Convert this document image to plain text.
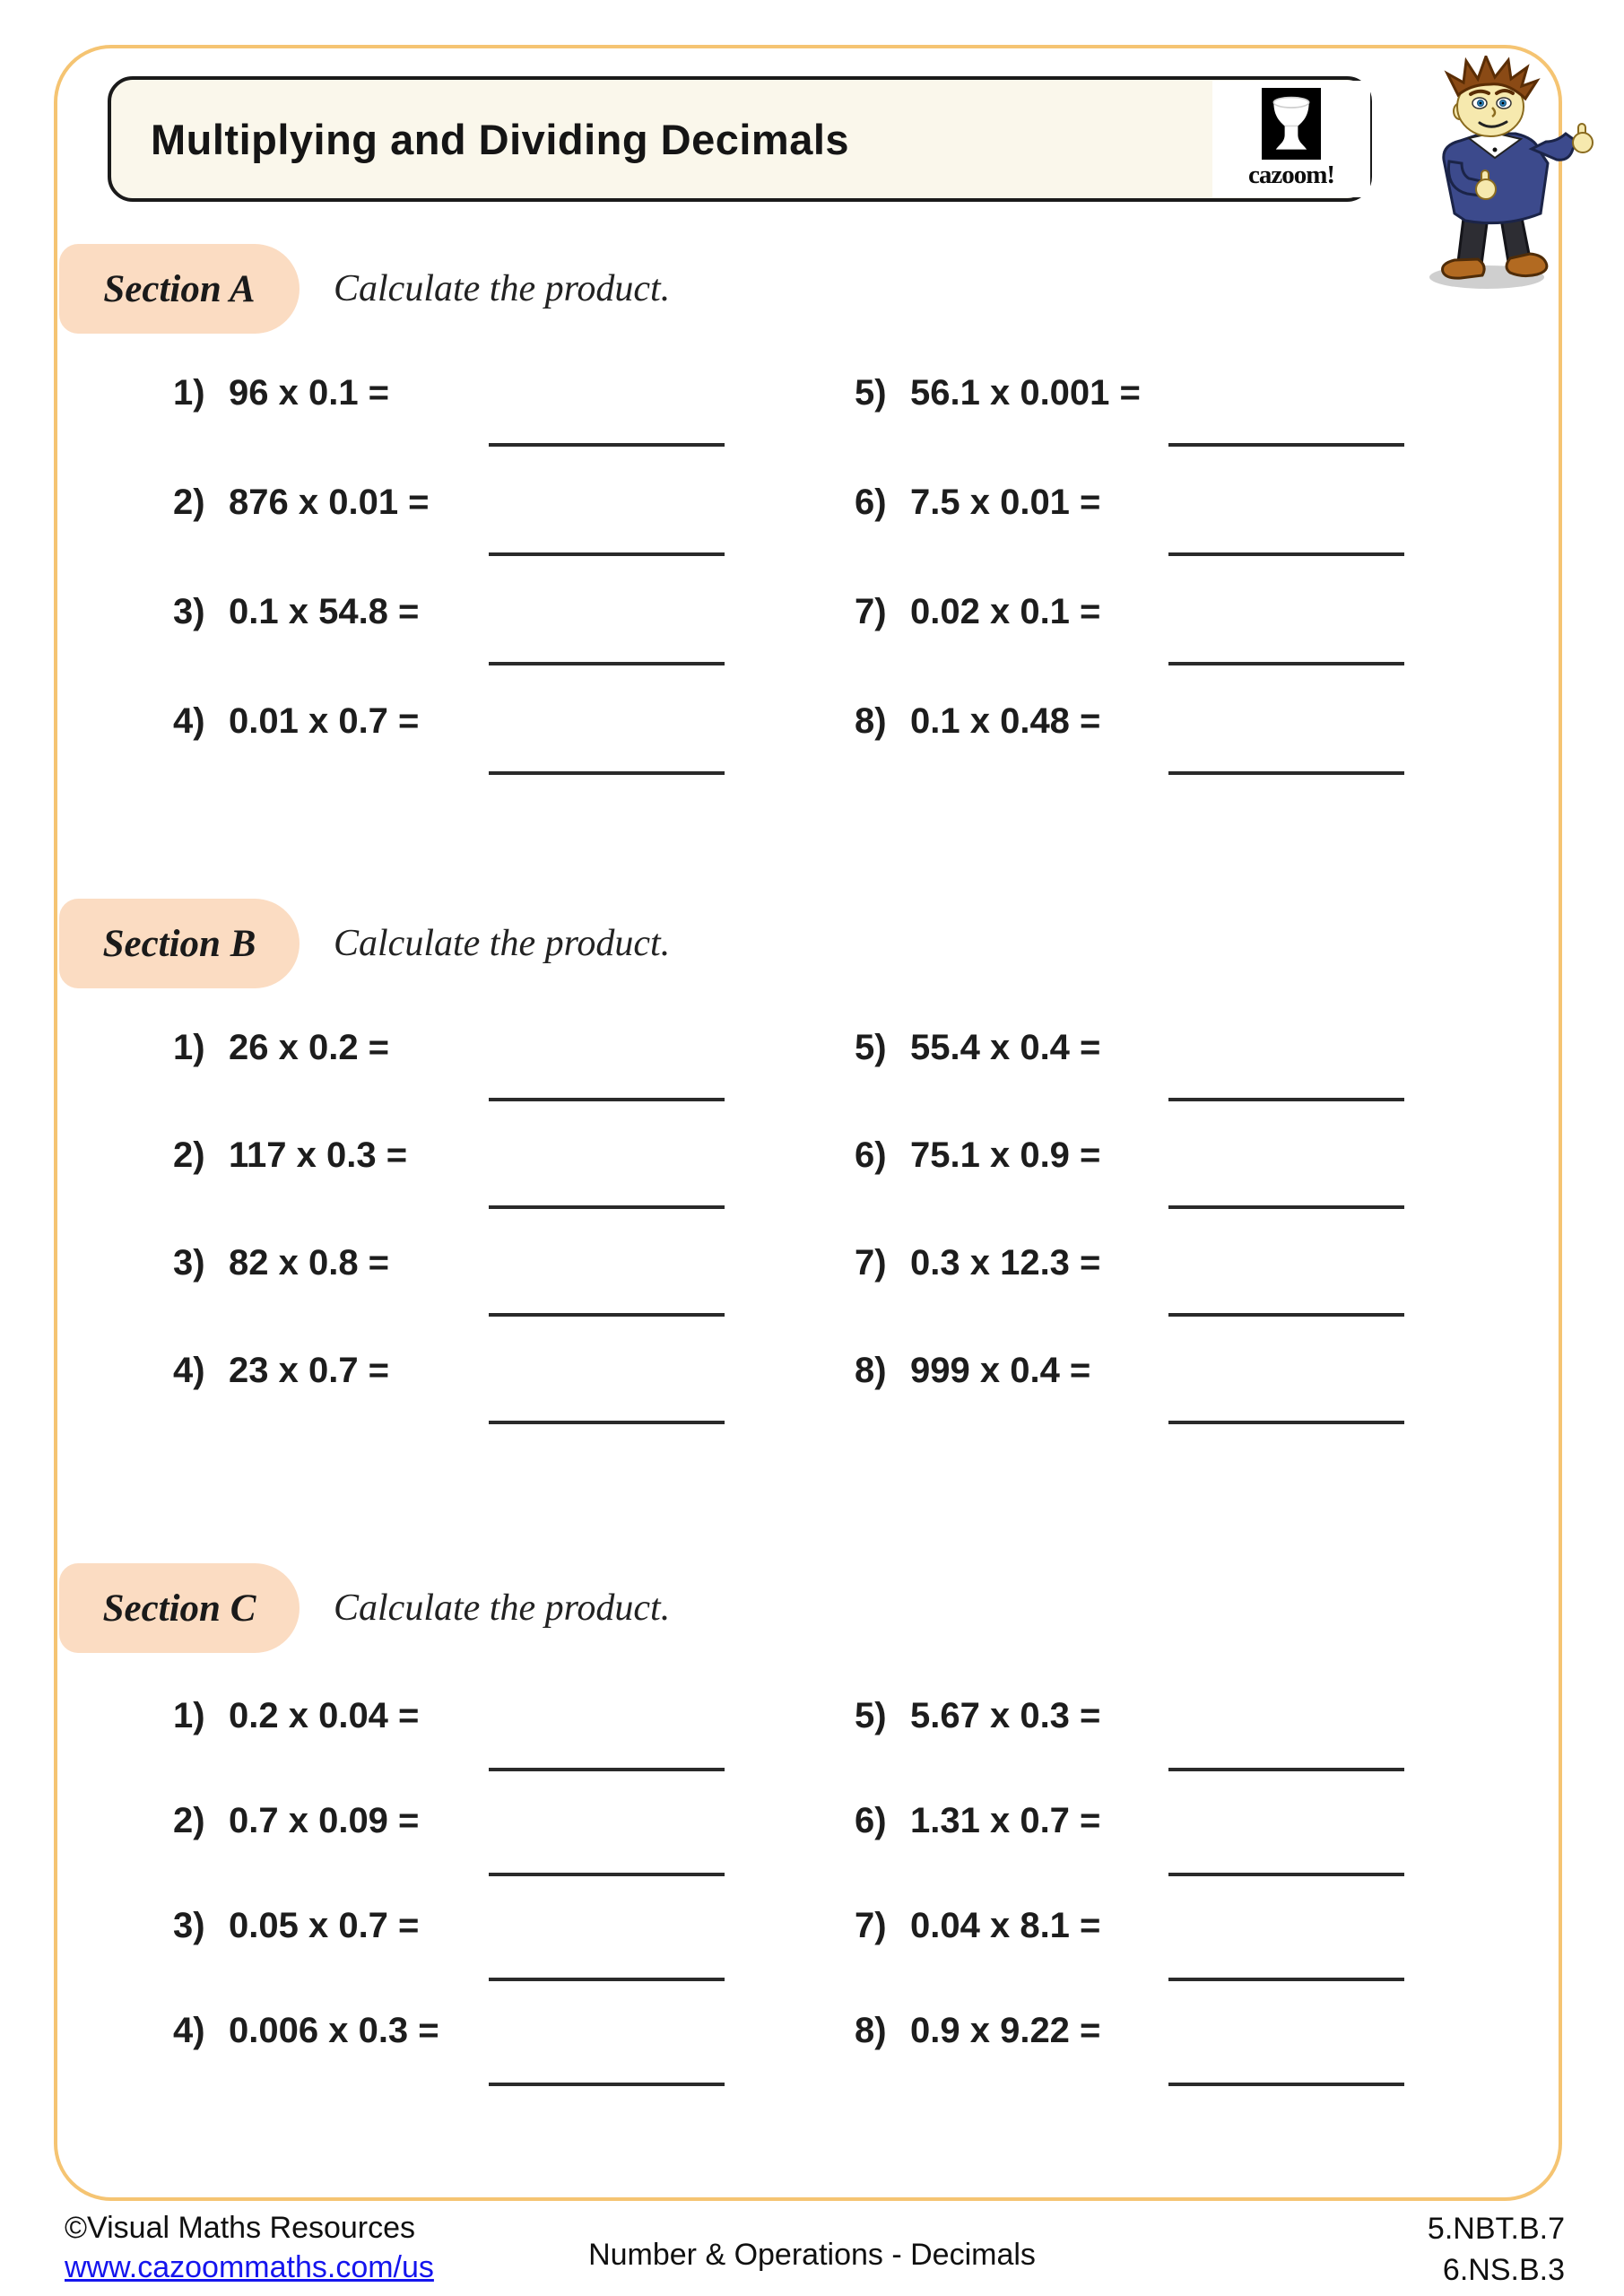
Multiplying and Dividing Decimals
cazoom!
Section A Calculate the product.
1) 96 x 0.1 =
2) 876 x 0.01 =
3) 0.1 x 54.8 =
4) 0.01 x 0.7 =
5) 56.1 x 0.001 =
6) 7.5 x 0.01 =
7) 0.02 x 0.1 =
8) 0.1 x 0.48 =
Section B Calculate the product.
1) 26 x 0.2 =
2) 117 x 0.3 =
3) 82 x 0.8 =
4) 23 x 0.7 =
5) 55.4 x 0.4 =
6) 75.1 x 0.9 =
7) 0.3 x 12.3 =
8) 999 x 0.4 =
Section C Calculate the product.
1) 0.2 x 0.04 =
2) 0.7 x 0.09 =
3) 0.05 x 0.7 =
4) 0.006 x 0.3 =
5) 5.67 x 0.3 =
6) 1.31 x 0.7 =
7) 0.04 x 8.1 =
8) 0.9 x 9.22 =
©Visual Maths Resources
www.cazoommaths.com/us	Number & Operations - Decimals
5.NBT.B.7
6.NS.B.3
